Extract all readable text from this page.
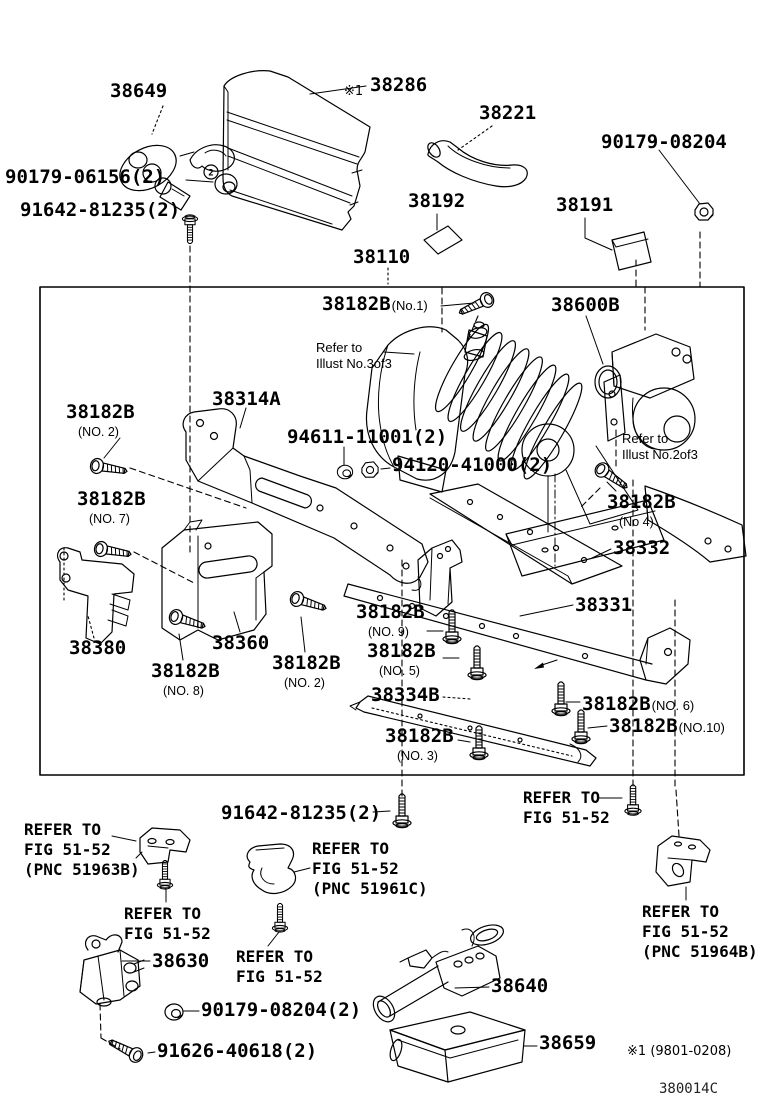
2
38649
90179-06156(2)
91642-81235(2)
※1 38286
38221
90179-08204
38192	38191
38110
38182B(No.1)	38600B
Refer to
Illust No.3of3
38314A
38182B
(NO. 2)	94611-11001(2)
94120-41000(2)
Refer to
Illust No.2of3
38182B
(NO. 7)
38182B
(No 4)
38332
38331
38182B
(NO. 9)
38182B
(NO. 5)
38334B
38182B
(NO. 3)
38182B(NO. 6)
38182B(NO.10)
38380	38360
38182B
(NO. 8)
38182B
(NO. 2)
91642-81235(2)
REFER TO
FIG 51-52
REFER TO
FIG 51-52
(PNC 51963B)
REFER TO
FIG 51-52
REFER TO
FIG 51-52
(PNC 51961C)
REFER TO
FIG 51-52
38630
90179-08204(2)
91626-40618(2)
REFER TO
FIG 51-52
(PNC 51964B)
38640
38659 ※1 (9801-0208)
380014C
